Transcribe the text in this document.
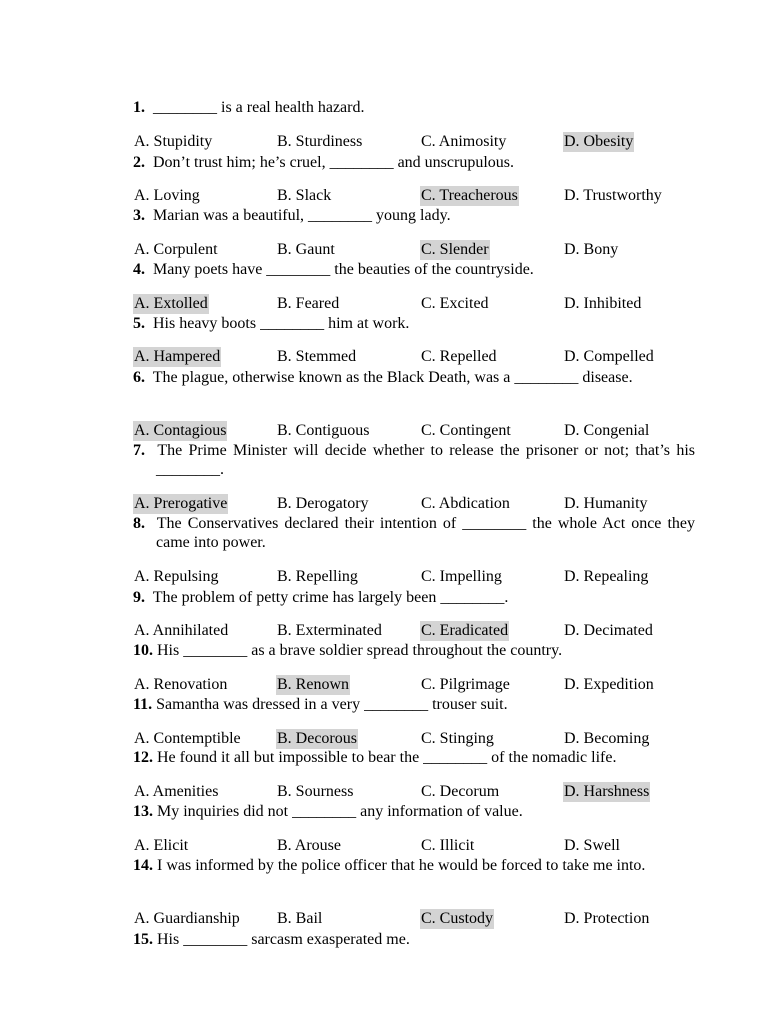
1. ________ is a real health hazard.
A. Stupidity	B. Sturdiness	C. Animosity	D. Obesity
2. Don’t trust him; he’s cruel, ________ and unscrupulous.
A. Loving	B. Slack	C. Treacherous	D. Trustworthy
3. Marian was a beautiful, ________ young lady.
A. Corpulent	B. Gaunt	C. Slender	D. Bony
4. Many poets have ________ the beauties of the countryside.
A. Extolled	B. Feared	C. Excited	D. Inhibited
5. His heavy boots ________ him at work.
A. Hampered	B. Stemmed	C. Repelled	D. Compelled
6. The plague, otherwise known as the Black Death, was a ________ disease.
A. Contagious	B. Contiguous	C. Contingent	D. Congenial
7. The Prime Minister will decide whether to release the prisoner or not; that’s his ________.
A. Prerogative	B. Derogatory	C. Abdication	D. Humanity
8. The Conservatives declared their intention of ________ the whole Act once they came into power.
A. Repulsing	B. Repelling	C. Impelling	D. Repealing
9. The problem of petty crime has largely been ________.
A. Annihilated	B. Exterminated C. Eradicated	D. Decimated
10. His ________ as a brave soldier spread throughout the country.
A. Renovation	B. Renown	C. Pilgrimage	D. Expedition
11. Samantha was dressed in a very ________ trouser suit.
A. Contemptible B. Decorous	C. Stinging	D. Becoming
12. He found it all but impossible to bear the ________ of the nomadic life.
A. Amenities	B. Sourness	C. Decorum	D. Harshness
13. My inquiries did not ________ any information of value.
A. Elicit	B. Arouse	C. Illicit	D. Swell
14. I was informed by the police officer that he would be forced to take me into.
A. Guardianship B. Bail	C. Custody	D. Protection
15. His ________ sarcasm exasperated me.
